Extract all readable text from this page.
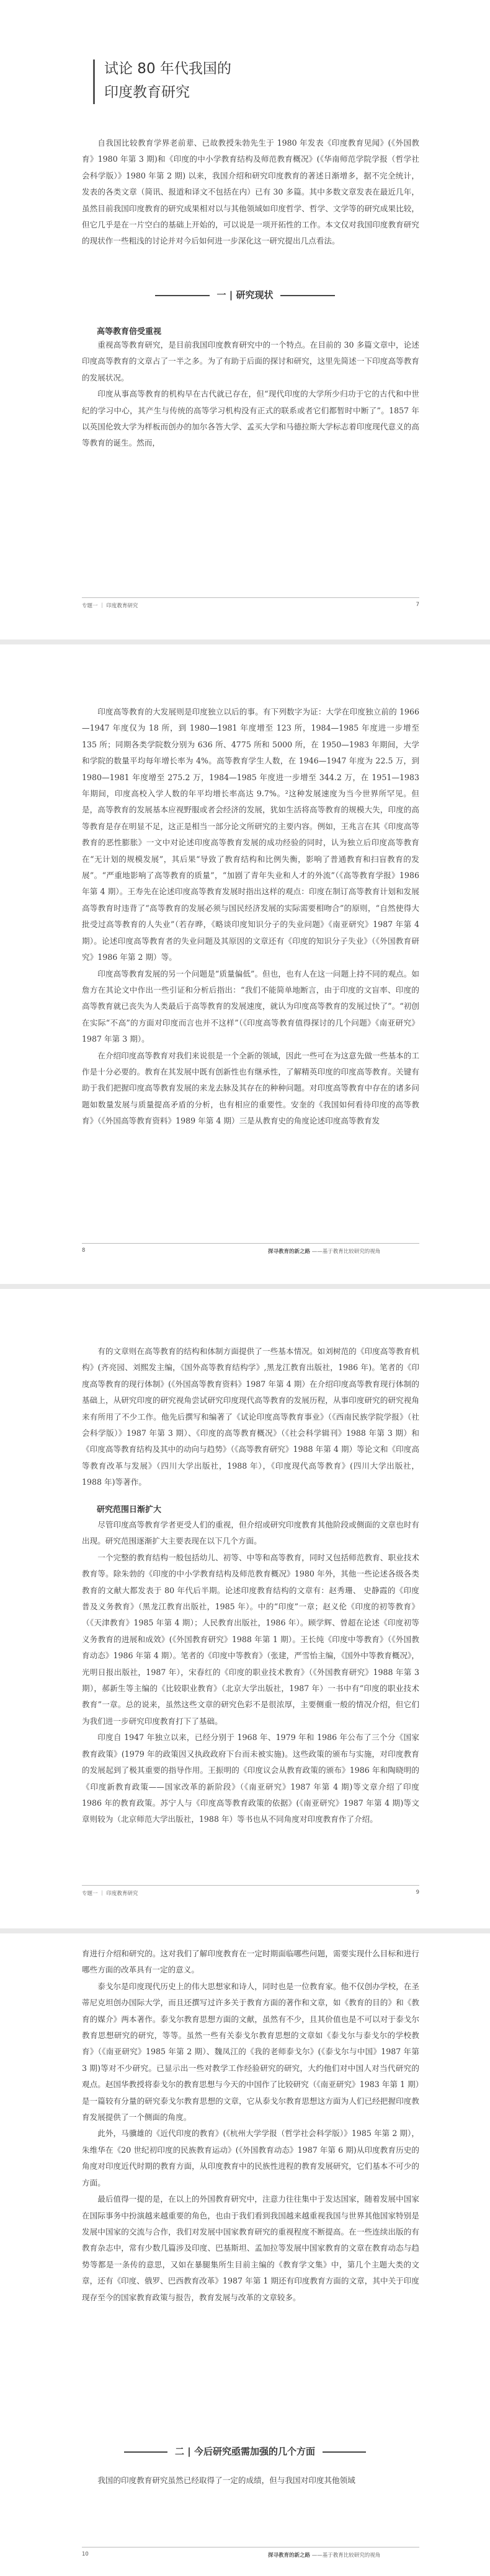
试论 80 年代我国的
印度教育研究

自我国比较教育学界老前辈、已故教授朱勃先生于 1980 年发表《印度教育见闻》(《外国教育》1980 年第 3 期)和《印度的中小学教育结构及师范教育概况》(《华南师范学院学报（哲学社会科学版）》1980 年第 2 期) 以来，我国介绍和研究印度教育的著述日渐增多，据不完全统计，发表的各类文章（简讯、报道和译文不包括在内）已有 30 多篇。其中多数文章发表在最近几年，虽然目前我国印度教育的研究成果相对以与其他领域如印度哲学、哲学、文学等的研究成果比较，但它几乎是在一片空白的基础上开始的，可以说是一项开拓性的工作。本文仅对我国印度教育研究的现状作一些粗浅的讨论并对今后如何进一步深化这一研究提出几点看法。

一 | 研究现状
高等教育倍受重视

重视高等教育研究，是目前我国印度教育研究中的一个特点。在目前的 30 多篇文章中，论述印度高等教育的文章占了一半之多。为了有助于后面的探讨和研究，这里先简述一下印度高等教育的发展状况。

印度从事高等教育的机构早在古代就已存在，但“现代印度的大学所少归功于它的古代和中世纪的学习中心，其产生与传统的高等学习机构没有正式的联系或者它们都暂时中断了”。1857 年以英国伦敦大学为样板而创办的加尔各答大学、孟买大学和马德拉斯大学标志着印度现代意义的高等教育的诞生。然而，

专题一 ｜ 印度教育研究	7

印度高等教育的大发展则是印度独立以后的事。有下列数字为证：大学在印度独立前的 1966—1947 年度仅为 18 所，到 1980—1981 年度增至 123 所，1984—1985 年度进一步增至 135 所；同期各类学院数分别为 636 所、4775 所和 5000 所，在 1950—1983 年期间，大学和学院的数量平均每年增长率为 4%。高等教育学生人数，在 1946—1947 年度为 22.5 万，到 1980—1981 年度增至 275.2 万，1984—1985 年度进一步增至 344.2 万，在 1951—1983 年期间，印度高校入学人数的年平均增长率高达 9.7%。²这种发展速度为当今世界所罕见。但是，高等教育的发展基本应视野服或者会经济的发展，犹如生活将高等教育的规模大失，印度的高等教育是存在明显不足，这正是相当一部分论文所研究的主要内容。例如，王兆言在其《印度高等教育的恶性膨胀》一文中对论述印度高等教育发展的成功经验的同时，认为独立后印度高等教育在“无计划的规模发展”，其后果“导致了教育结构和比例失衡，影响了普通教育和扫盲教育的发展”。“严重地影响了高等教育的质量”，“加剧了青年失业和人才的外流”（《高等教育学报》1986 年第 4 期）。王寿先在论述印度高等教育发展时指出这样的观点：印度在制订高等教育计划和发展高等教育时违背了“高等教育的发展必须与国民经济发展的实际需要相吻合”的原则，“自然使得大批受过高等教育的人失业”（若存晔，《略谈印度知识分子的失业问题》《南亚研究》1987 年第 4 期）。论述印度高等教育者的失业问题及其原因的文章还有《印度的知识分子失业》（《外国教育研究》1986 年第 2 期）等。

印度高等教育发展的另一个问题是“质量偏低”。但也，也有人在这一问题上持不同的观点。如詹方在其论文中作出一些引证和分析后指出：“我们不能简单地断言，由于印度的文盲率、印度的高等教育就已丧失为人类最后于高等教育的发展速度，就认为印度高等教育的发展过快了”。“初创在实际“不高”的方面对印度而言也并不这样”（《印度高等教育值得探讨的几个问题》《南亚研究》1987 年第 3 期）。

在介绍印度高等教育对我们来说很是一个全新的领域，因此一些可在为这意先做一些基本的工作是十分必要的。教育在其发展中既有创新性也有继承性，了解精英印度的印度高等教育。关键有助于我们把握印度高等教育发展的来龙去脉及其存在的种种问题。对印度高等教育中存在的诸多问题如数量发展与质量提高矛盾的分析，也有相应的重要性。安奎的《我国如何看待印度的高等教育》（《外国高等教育资料》1989 年第 4 期）三是从教育史的角度论述印度高等教育发

8	探寻教育的新之路 ——基于教育比较研究的视角

有的文章则在高等教育的结构和体制方面提供了一些基本情况。如刘树范的《印度高等教育机构》(齐亮园、刘熙发主编，《国外高等教育结构学》,黑龙江教育出版社，1986 年)。笔者的《印度高等教育的现行体制》(《外国高等教育资料》1987 年第 4 期）在介绍印度高等教育现行体制的基础上，从研究印度的研究视角尝试研究印度现代高等教育的发展历程，从事印度研究的研究视角来有所用了不少工作。他先后撰写和编著了《试论印度高等教育事业》（《西南民族学院学报》（社会科学版）》1987 年第 3 期）、《印度的高等教育概况》（《社会科学辑刊》1988 年第 3 期）和《印度高等教育结构及其中的动向与趋势》（《高等教育研究》1988 年第 4 期）等论文和《印度高等教育改革与发展》（四川大学出版社，1988 年），《印度现代高等教育》(四川大学出版社，1988 年)等著作。

研究范围日渐扩大

尽管印度高等教育学者更受人们的重视，但介绍或研究印度教育其他阶段或侧面的文章也时有出现。研究范围逐渐扩大主要表现在以下几个方面。

一个完整的教育结构一般包括幼儿、初等、中等和高等教育，同时又包括师范教育、职业技术教育等。除朱勃的《印度的中小学教育结构及师范教育概况》1980 年外，其他一些论述各级各类教育的文献大都发表于 80 年代后半期。论述印度教育结构的文章有：赵秀珊、 史静霞的《印度普及义务教育》（黑龙江教育出版社，1985 年）。中的“印度”一章；赵义伦《印度的初等教育》（《天津教育》1985 年第 4 期）；人民教育出版社，1986 年）。顾学辉、曾超在论述《印度初等义务教育的进展和成效》(《外国教育研究》1988 年第 1 期）。王长纯《印度中等教育》（《外国教育动态》1986 年第 4 期）。笔者的《印度中等教育》（张建，严雪怡主编，《国外中等教育概况》，光明日报出版社，1987 年），宋春红的《印度的职业技术教育》（《外国教育研究》1988 年第 3 期），郝新生等主编的《比较职业教育》（北京大学出版社，1987 年）一书中有“印度的职业技术教育”一章。总的说来，虽然这些文章的研究色彩不是很浓厚，主要侧重一般的情况介绍，但它们为我们进一步研究印度教育打下了基础。

印度自 1947 年独立以来，已经分别于 1968 年、1979 年和 1986 年公布了三个分《国家教育政策》(1979 年的政策因又执政政府下台而未被实施)。这些政策的颁布与实施，对印度教育的发展起到了极其重要的指导作用。王振明的《印度议会从教育政策的颁布》1986 年和陶晓明的《印度新教育政策——国家改革的新阶段》（《南亚研究》1987 年第 4 期)等文章介绍了印度 1986 年的教育政策。苏宁人与《印度高等教育政策的依据》(《南亚研究》1987 年第 4 期)等文章则较为（北京师范大学出版社，1988 年）等书也从不同角度对印度教育作了介绍。

专题一 ｜ 印度教育研究	9

育进行介绍和研究的。这对我们了解印度教育在一定时期面临哪些问题，需要实现什么目标和进行哪些方面的改革具有一定的意义。

泰戈尔是印度现代历史上的伟大思想家和诗人，同时也是一位教育家。他不仅创办学校，在圣蒂尼克坦创办国际大学，而且还撰写过许多关于教育方面的著作和文章，如《教育的目的》和《教育的媒介》两本著作。泰戈尔教育思想方面的文献，虽然有不少，且其价值也是不可以对于泰戈尔教育思想研究的研究，等等。虽然一些有关泰戈尔教育思想的文章如《泰戈尔与泰戈尔的学校教育》（《南亚研究》1985 年第 2 期）、魏凤江的《我的老师泰戈尔》(《泰戈尔与中国》1987 年第 3 期)等对不少研究。已显示出一些对教学工作经验研究的研究，大约他们对中国人对当代研究的观点。赵国华教授将泰戈尔的教育思想与今天的中国作了比较研究（《南亚研究》1983 年第 1 期）是一篇较有分量的研究泰戈尔教育思想的文章，它从泰戈尔教育思想这方面为人们已经把握印度教育发展提供了一个侧面的角度。

此外，马骥雄的《近代印度的教育》(《杭州大学学报（哲学社会科学版）》1985 年第 2 期），朱维华在《20 世纪初印度的民族教育运动》(《外国教育动态》1987 年第 6 期)从印度教育历史的角度对印度近代时期的教育方面，从印度教育中的民族性进程的教育发展研究，它们基本不可少的方面。

最后值得一提的是，在以上的外国教育研究中，注意力往往集中于发达国家，随着发展中国家在国际事务中扮演越来越重要的角色，也由于我们看到我国越来越重视我国与世界其他国家特别是发展中国家的交流与合作，我们对发展中国家教育研究的重视程度不断提高。在一些连续出版的有教育杂志中，常有少数几篇涉及印度、巴基斯坦、孟加拉等发展中国家教育的文章在教育动态与趋势等都是一条传的意思，又如在暴腿集所生目前主编的《教育学文集》中，第几个主题大类的文章，还有《印度、俄罗、巴西教育改革》1987 年第 1 期还有印度教育方面的文章，其中关于印度现存至今的国家教育政策与报告，教育发展与改革的文章较多。

二 | 今后研究亟需加强的几个方面

我国的印度教育研究虽然已经取得了一定的成绩，但与我国对印度其他领域

10	探寻教育的新之路 ——基于教育比较研究的视角
